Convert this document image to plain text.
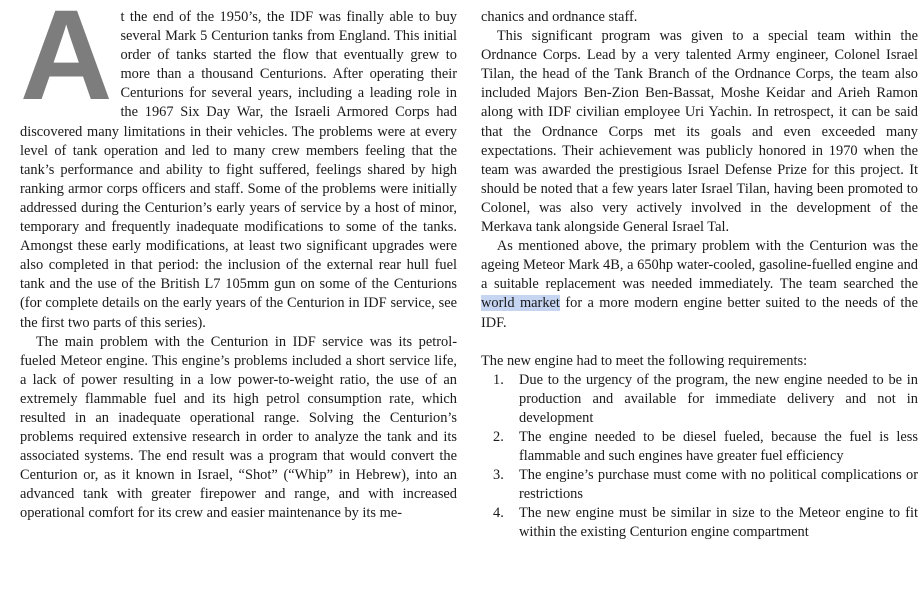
At the end of the 1950’s, the IDF was finally able to buy several Mark 5 Centurion tanks from England. This initial order of tanks started the flow that eventually grew to more than a thousand Centurions. After operating their Centurions for several years, including a leading role in the 1967 Six Day War, the Israeli Armored Corps had discovered many limitations in their vehicles. The problems were at every level of tank operation and led to many crew members feeling that the tank’s performance and ability to fight suffered, feelings shared by high ranking armor corps officers and staff. Some of the problems were initially addressed during the Centurion’s early years of service by a host of minor, temporary and frequently inadequate modifications to some of the tanks. Amongst these early modifications, at least two significant upgrades were also completed in that period: the inclusion of the external rear hull fuel tank and the use of the British L7 105mm gun on some of the Centurions (for complete details on the early years of the Centurion in IDF service, see the first two parts of this series).

The main problem with the Centurion in IDF service was its petrol-fueled Meteor engine. This engine’s problems included a short service life, a lack of power resulting in a low power-to-weight ratio, the use of an extremely flammable fuel and its high petrol consumption rate, which resulted in an inadequate operational range. Solving the Centurion’s problems required extensive research in order to analyze the tank and its associated systems. The end result was a program that would convert the Centurion or, as it known in Israel, “Shot” (“Whip” in Hebrew), into an advanced tank with greater firepower and range, and with increased operational comfort for its crew and easier maintenance by its me-

chanics and ordnance staff.

This significant program was given to a special team within the Ordnance Corps. Lead by a very talented Army engineer, Colonel Israel Tilan, the head of the Tank Branch of the Ordnance Corps, the team also included Majors Ben-Zion Ben-Bassat, Moshe Keidar and Arieh Ramon along with IDF civilian employee Uri Yachin. In retrospect, it can be said that the Ordnance Corps met its goals and even exceeded many expectations. Their achievement was publicly honored in 1970 when the team was awarded the prestigious Israel Defense Prize for this project. It should be noted that a few years later Israel Tilan, having been promoted to Colonel, was also very actively involved in the development of the Merkava tank alongside General Israel Tal.

As mentioned above, the primary problem with the Centurion was the ageing Meteor Mark 4B, a 650hp water-cooled, gasoline-fuelled engine and a suitable replacement was needed immediately. The team searched the world market for a more modern engine better suited to the needs of the IDF.

The new engine had to meet the following requirements:

1. Due to the urgency of the program, the new engine needed to be in production and available for immediate delivery and not in development
2. The engine needed to be diesel fueled, because the fuel is less flammable and such engines have greater fuel efficiency
3. The engine’s purchase must come with no political complications or restrictions
4. The new engine must be similar in size to the Meteor engine to fit within the existing Centurion engine compartment
